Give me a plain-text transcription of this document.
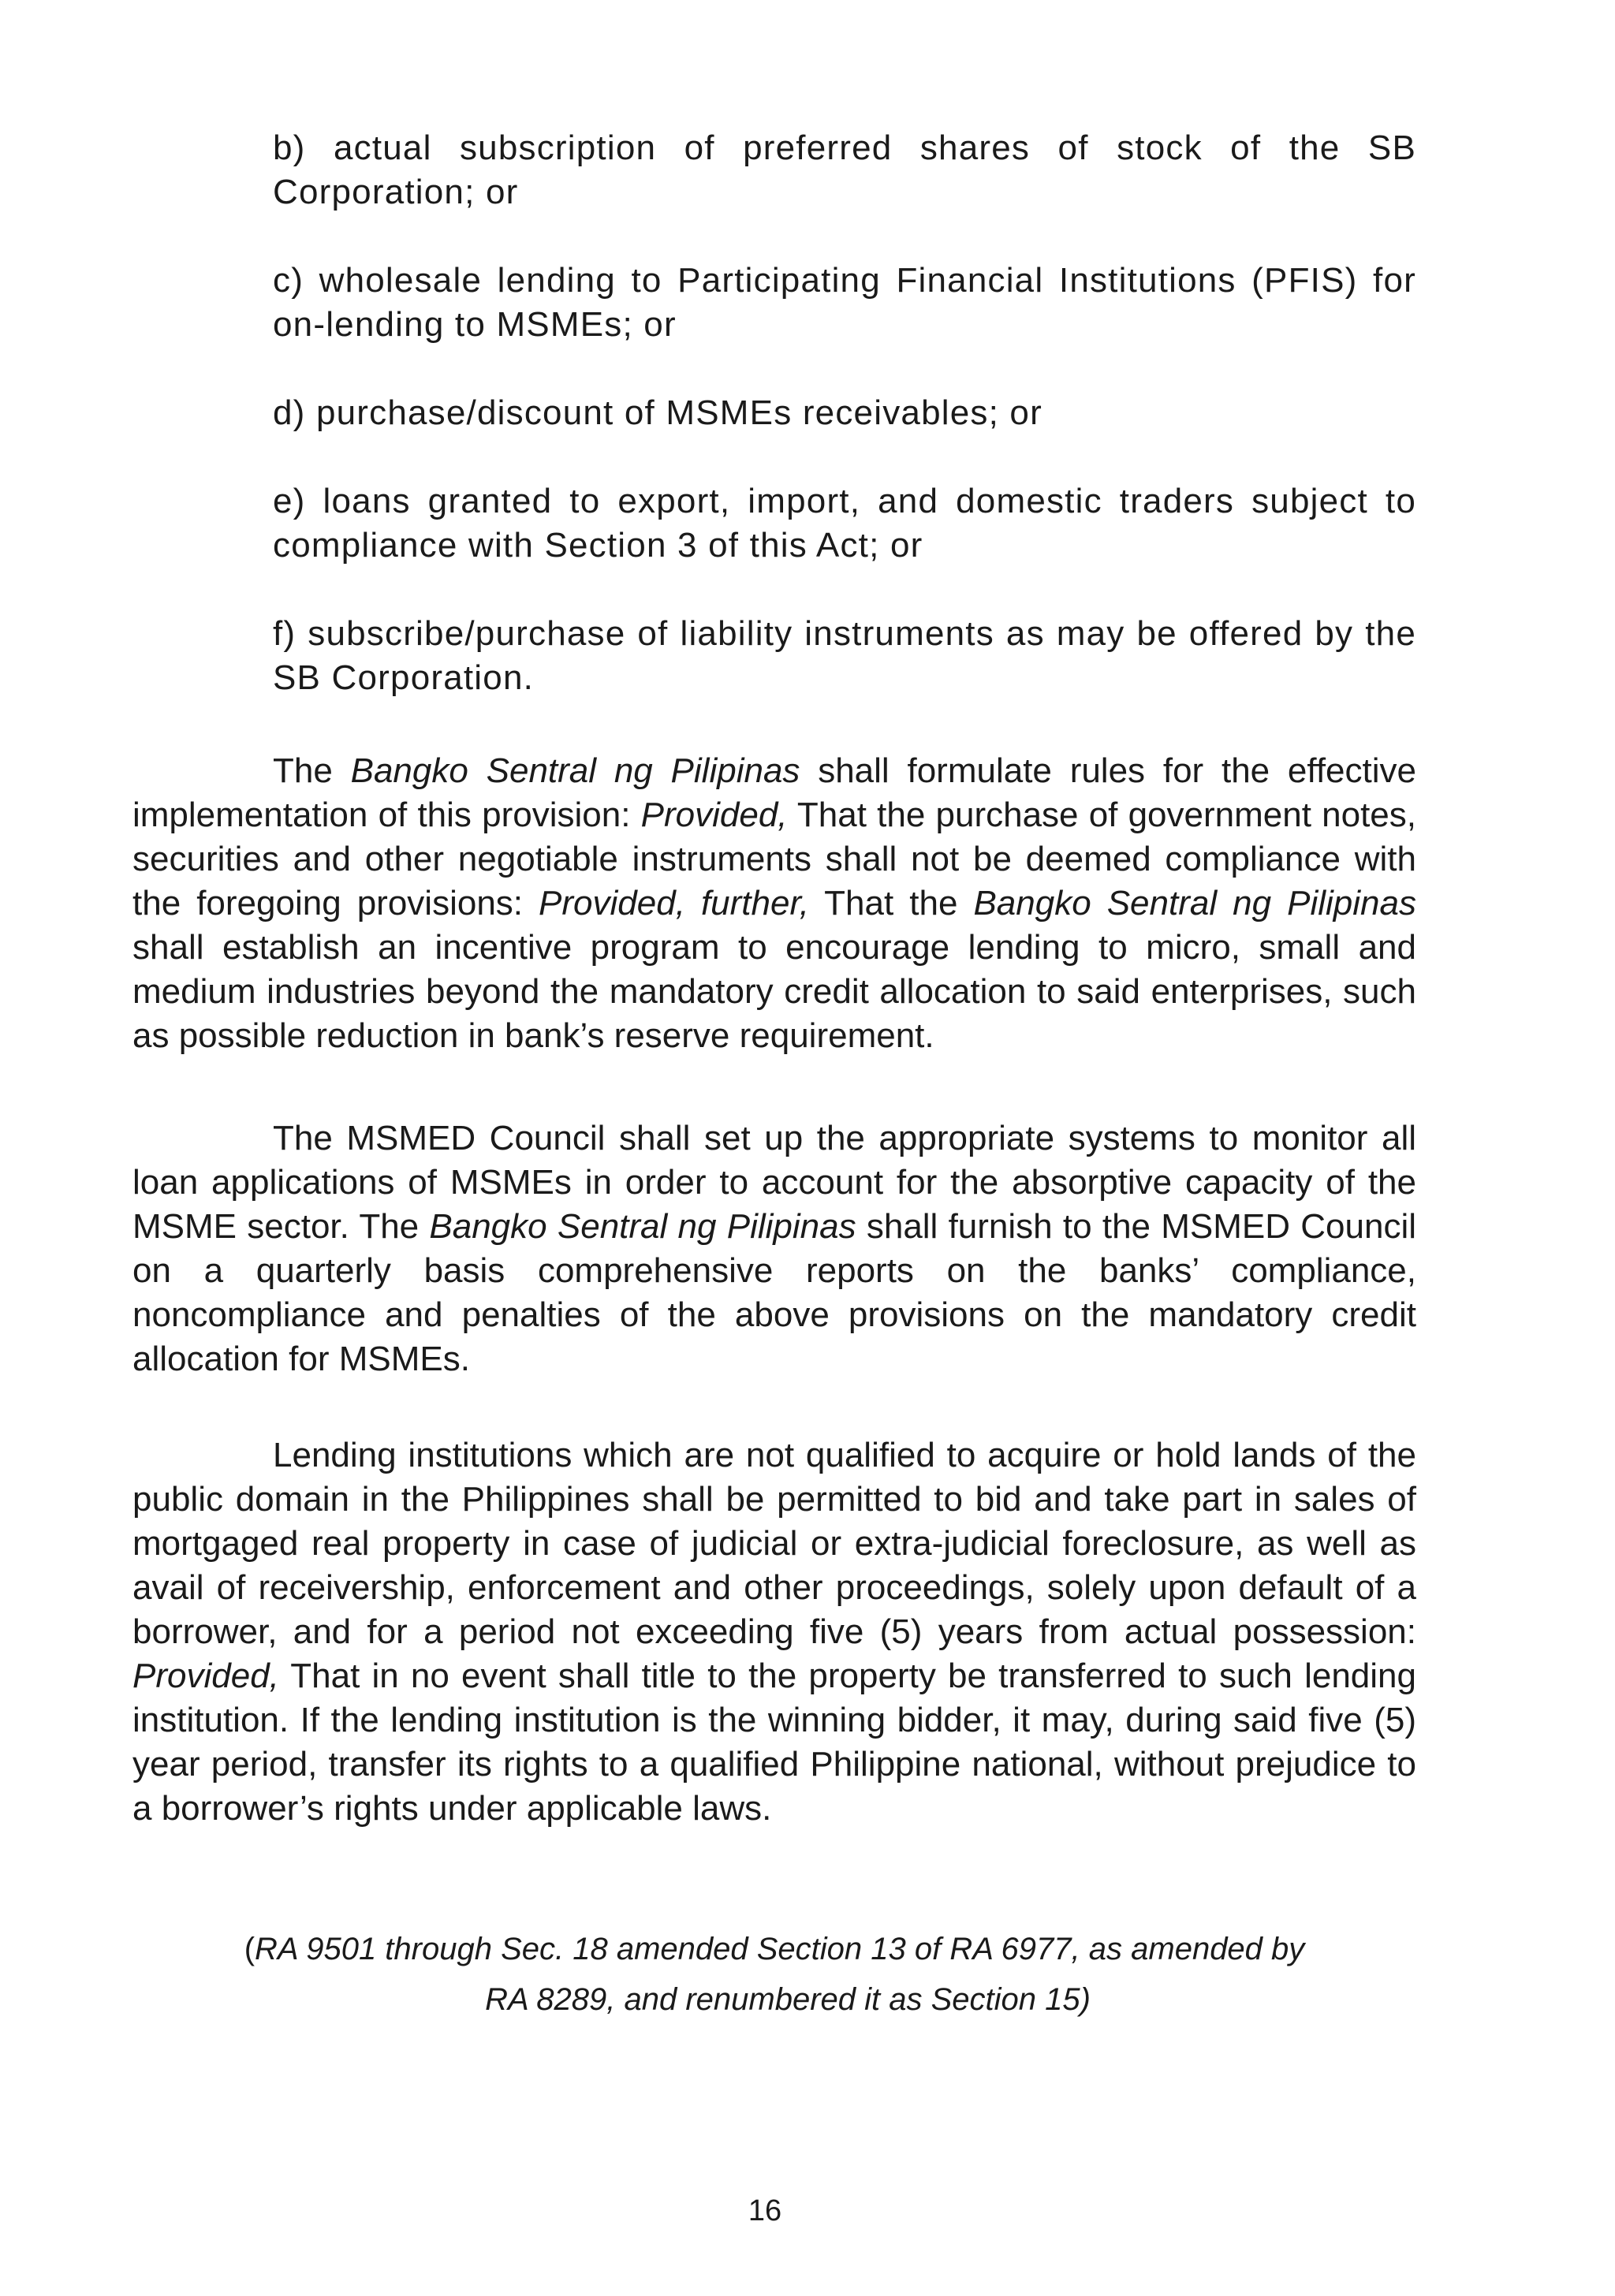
b) actual subscription of preferred shares of stock of the SB Corporation; or

c) wholesale lending to Participating Financial Institutions (PFIS) for on-lending to MSMEs; or

d) purchase/discount of MSMEs receivables; or

e) loans granted to export, import, and domestic traders subject to compliance with Section 3 of this Act; or

f) subscribe/purchase of liability instruments as may be offered by the SB Corporation.

The Bangko Sentral ng Pilipinas shall formulate rules for the effective implementation of this provision: Provided, That the purchase of government notes, securities and other negotiable instruments shall not be deemed compliance with the foregoing provisions: Provided, further, That the Bangko Sentral ng Pilipinas shall establish an incentive program to encourage lending to micro, small and medium industries beyond the mandatory credit allocation to said enterprises, such as possible reduction in bank’s reserve requirement.

The MSMED Council shall set up the appropriate systems to monitor all loan applications of MSMEs in order to account for the absorptive capacity of the MSME sector. The Bangko Sentral ng Pilipinas shall furnish to the MSMED Council on a quarterly basis comprehensive reports on the banks’ compliance, noncompliance and penalties of the above provisions on the mandatory credit allocation for MSMEs.

Lending institutions which are not qualified to acquire or hold lands of the public domain in the Philippines shall be permitted to bid and take part in sales of mortgaged real property in case of judicial or extra-judicial foreclosure, as well as avail of receivership, enforcement and other proceedings, solely upon default of a borrower, and for a period not exceeding five (5) years from actual possession: Provided, That in no event shall title to the property be transferred to such lending institution. If the lending institution is the winning bidder, it may, during said five (5) year period, transfer its rights to a qualified Philippine national, without prejudice to a borrower’s rights under applicable laws.

(RA 9501 through Sec. 18 amended Section 13 of RA 6977, as amended by
RA 8289, and renumbered it as Section 15)
16
